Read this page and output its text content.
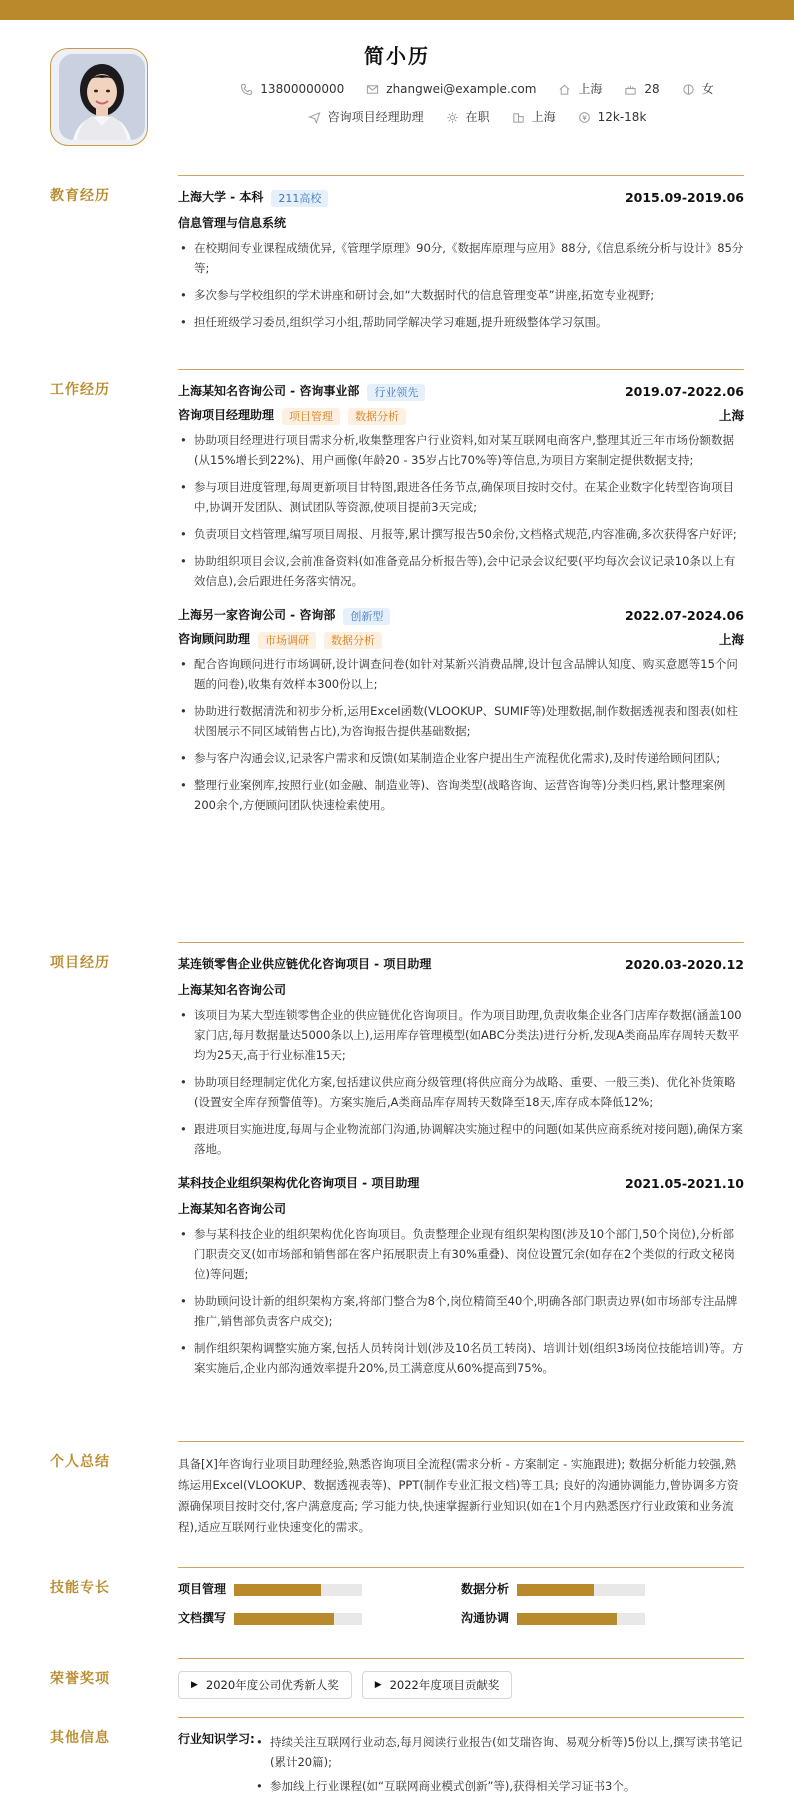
简小历
13800000000	zhangwei@example.com	上海	28	女
咨询项目经理助理	在职	上海	12k-18k
教育经历	上海大学 - 本科	211高校	2015.09-2019.06
信息管理与信息系统
• 在校期间专业课程成绩优异,《管理学原理》90分,《数据库原理与应用》88分,《信息系统分析与设计》85分等;
• 多次参与学校组织的学术讲座和研讨会,如“大数据时代的信息管理变革”讲座,拓宽专业视野;
• 担任班级学习委员,组织学习小组,帮助同学解决学习难题,提升班级整体学习氛围。
工作经历	上海某知名咨询公司 - 咨询事业部	行业领先	2019.07-2022.06
咨询项目经理助理	项目管理	数据分析	上海
• 协助项目经理进行项目需求分析,收集整理客户行业资料,如对某互联网电商客户,整理其近三年市场份额数据(从15%增长到22%)、用户画像(年龄20 - 35岁占比70%等)等信息,为项目方案制定提供数据支持;
• 参与项目进度管理,每周更新项目甘特图,跟进各任务节点,确保项目按时交付。在某企业数字化转型咨询项目中,协调开发团队、测试团队等资源,使项目提前3天完成;
• 负责项目文档管理,编写项目周报、月报等,累计撰写报告50余份,文档格式规范,内容准确,多次获得客户好评;
• 协助组织项目会议,会前准备资料(如准备竞品分析报告等),会中记录会议纪要(平均每次会议记录10条以上有效信息),会后跟进任务落实情况。
上海另一家咨询公司 - 咨询部	创新型	2022.07-2024.06
咨询顾问助理	市场调研	数据分析	上海
• 配合咨询顾问进行市场调研,设计调查问卷(如针对某新兴消费品牌,设计包含品牌认知度、购买意愿等15个问题的问卷),收集有效样本300份以上;
• 协助进行数据清洗和初步分析,运用Excel函数(VLOOKUP、SUMIF等)处理数据,制作数据透视表和图表(如柱状图展示不同区域销售占比),为咨询报告提供基础数据;
• 参与客户沟通会议,记录客户需求和反馈(如某制造企业客户提出生产流程优化需求),及时传递给顾问团队;
• 整理行业案例库,按照行业(如金融、制造业等)、咨询类型(战略咨询、运营咨询等)分类归档,累计整理案例200余个,方便顾问团队快速检索使用。
项目经历	某连锁零售企业供应链优化咨询项目 - 项目助理	2020.03-2020.12
上海某知名咨询公司
• 该项目为某大型连锁零售企业的供应链优化咨询项目。作为项目助理,负责收集企业各门店库存数据(涵盖100家门店,每月数据量达5000条以上),运用库存管理模型(如ABC分类法)进行分析,发现A类商品库存周转天数平均为25天,高于行业标准15天;
• 协助项目经理制定优化方案,包括建议供应商分级管理(将供应商分为战略、重要、一般三类)、优化补货策略(设置安全库存预警值等)。方案实施后,A类商品库存周转天数降至18天,库存成本降低12%;
• 跟进项目实施进度,每周与企业物流部门沟通,协调解决实施过程中的问题(如某供应商系统对接问题),确保方案落地。
某科技企业组织架构优化咨询项目 - 项目助理	2021.05-2021.10
上海某知名咨询公司
• 参与某科技企业的组织架构优化咨询项目。负责整理企业现有组织架构图(涉及10个部门,50个岗位),分析部门职责交叉(如市场部和销售部在客户拓展职责上有30%重叠)、岗位设置冗余(如存在2个类似的行政文秘岗位)等问题;
• 协助顾问设计新的组织架构方案,将部门整合为8个,岗位精简至40个,明确各部门职责边界(如市场部专注品牌推广,销售部负责客户成交);
• 制作组织架构调整实施方案,包括人员转岗计划(涉及10名员工转岗)、培训计划(组织3场岗位技能培训)等。方案实施后,企业内部沟通效率提升20%,员工满意度从60%提高到75%。
个人总结	具备[X]年咨询行业项目助理经验,熟悉咨询项目全流程(需求分析 - 方案制定 - 实施跟进); 数据分析能力较强,熟练运用Excel(VLOOKUP、数据透视表等)、PPT(制作专业汇报文档)等工具; 良好的沟通协调能力,曾协调多方资源确保项目按时交付,客户满意度高; 学习能力快,快速掌握新行业知识(如在1个月内熟悉医疗行业政策和业务流程),适应互联网行业快速变化的需求。
技能专长	项目管理	数据分析
文档撰写	沟通协调
荣誉奖项	▶ 2020年度公司优秀新人奖	▶ 2022年度项目贡献奖
其他信息	行业知识学习:
•	持续关注互联网行业动态,每月阅读行业报告(如艾瑞咨询、易观分析等)5份以上,撰写读书笔记(累计20篇);
• 参加线上行业课程(如“互联网商业模式创新”等),获得相关学习证书3个。
